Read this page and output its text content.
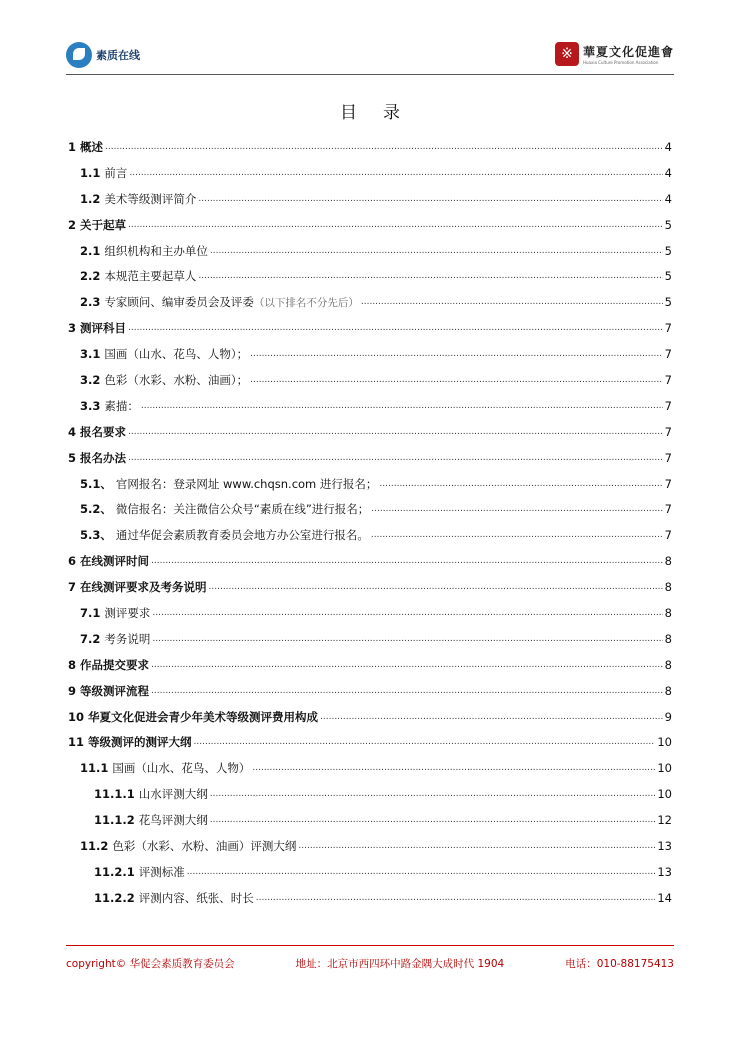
素质在线	※ 華夏文化促進會
Huaxia Culture Promotion Association
目录
1 概述 .....	4
1.1 前言 .....	4
1.2 美术等级测评简介 .....	4
2 关于起草 .....	5
2.1 组织机构和主办单位 .....	5
2.2 本规范主要起草人 .....	5
2.3 专家顾问、编审委员会及评委 （以下排名不分先后） .....	5
3 测评科目 .....	7
3.1 国画（山水、花鸟、人物）； .....	7
3.2 色彩（水彩、水粉、油画）； .....	7
3.3 素描： .....	7
4 报名要求 .....	7
5 报名办法 .....	7
5.1、 官网报名：登录网址 www.chqsn.com 进行报名； .....	7
5.2、 微信报名：关注微信公众号“素质在线”进行报名； .....	7
5.3、 通过华促会素质教育委员会地方办公室进行报名。 .....	7
6 在线测评时间 .....	8
7 在线测评要求及考务说明 .....	8
7.1 测评要求 .....	8
7.2 考务说明 .....	8
8 作品提交要求 .....	8
9 等级测评流程 .....	8
10 华夏文化促进会青少年美术等级测评费用构成 .....	9
11 等级测评的测评大纲 .....	10
11.1 国画（山水、花鸟、人物） .....	10
11.1.1 山水评测大纲 .....	10
11.1.2 花鸟评测大纲 .....	12
11.2 色彩（水彩、水粉、油画）评测大纲 .....	13
11.2.1 评测标准 .....	13
11.2.2 评测内容、纸张、时长 .....	14
copyright© 华促会素质教育委员会	地址：北京市西四环中路金隅大成时代 1904	电话：010-88175413
